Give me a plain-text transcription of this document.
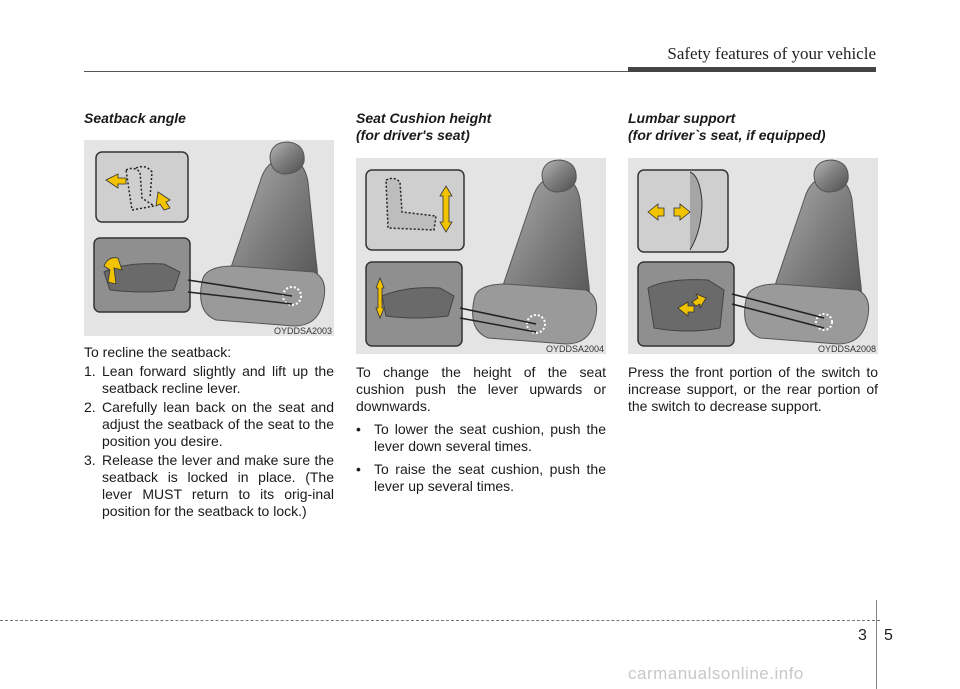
Safety features of your vehicle

Seatback angle

OYDDSA2003

To recline the seatback:

1. Lean forward slightly and lift up the seatback recline lever.
2. Carefully lean back on the seat and adjust the seatback of the seat to the position you desire.
3. Release the lever and make sure the seatback is locked in place. (The lever MUST return to its orig-inal position for the seatback to lock.)

Seat Cushion height
(for driver's seat)

OYDDSA2004

To change the height of the seat cushion push the lever upwards or downwards.

• To lower the seat cushion, push the lever down several times.
• To raise the seat cushion, push the lever up several times.

Lumbar support
(for driver`s seat, if equipped)

OYDDSA2008

Press the front portion of the switch to increase support, or the rear portion of the switch to decrease support.

3 5
carmanualsonline.info
